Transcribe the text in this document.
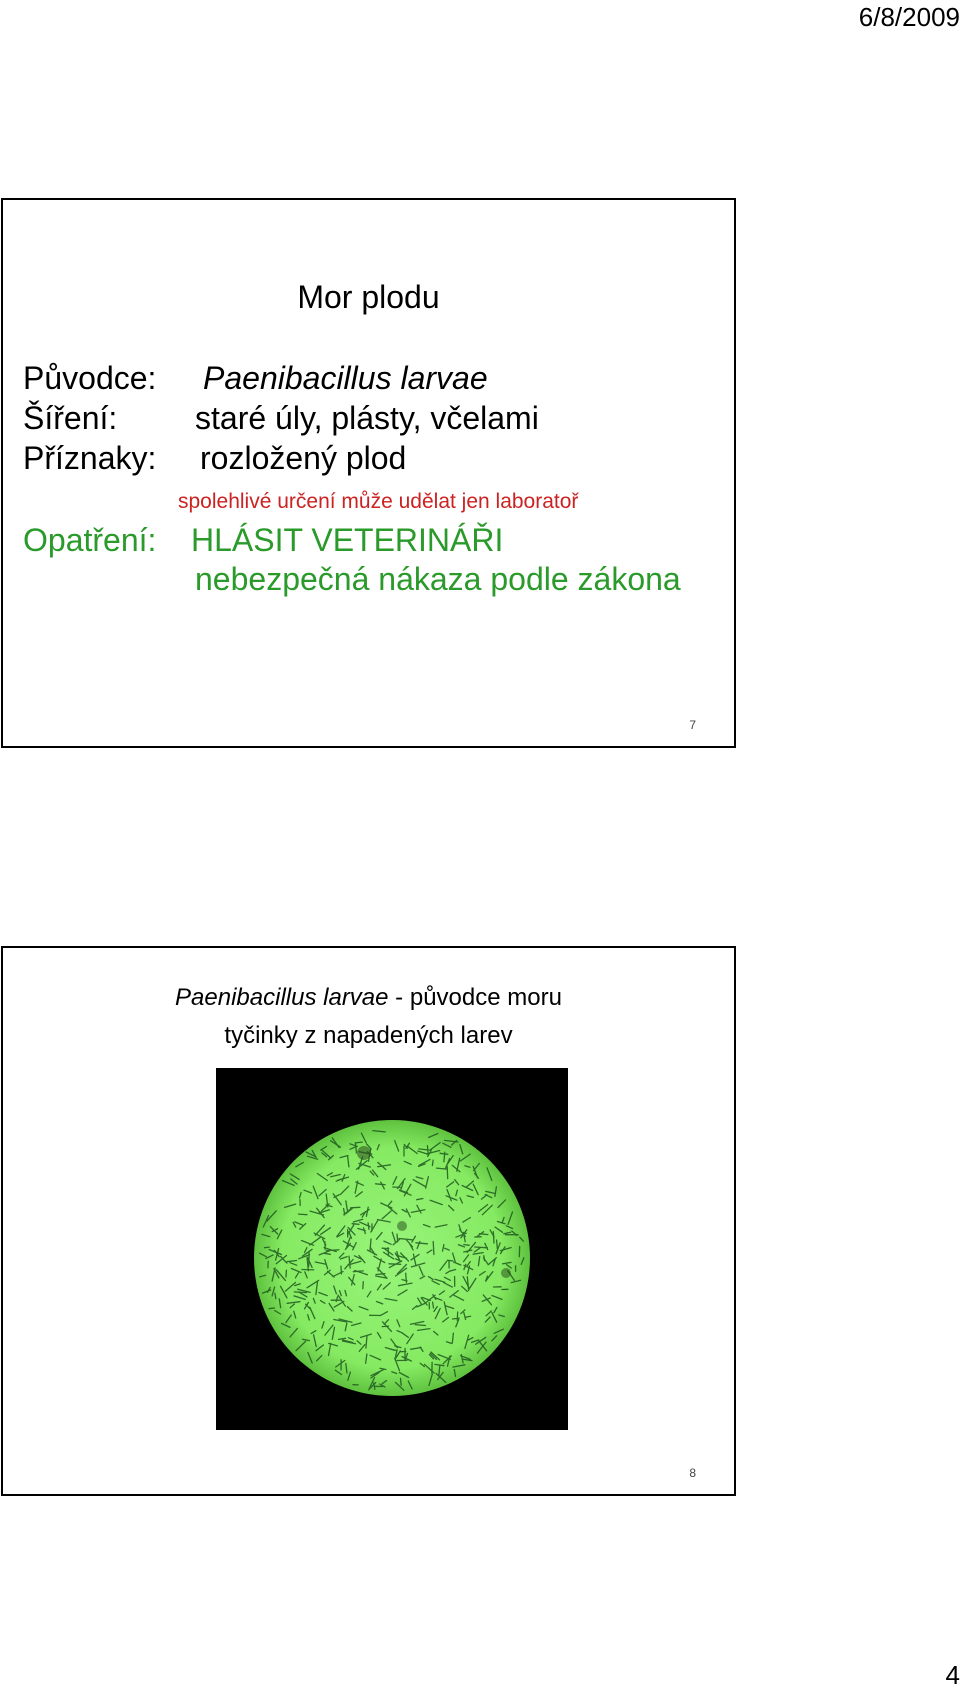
6/8/2009
Mor plodu
Původce: Paenibacillus larvae
Šíření: staré úly, plásty, včelami
Příznaky: rozložený plod
spolehlivé určení může udělat jen laboratoř
Opatření: HLÁSIT VETERINÁŘI
nebezpečná nákaza podle zákona
7
Paenibacillus larvae - původce moru
tyčinky z napadených larev
8
4
